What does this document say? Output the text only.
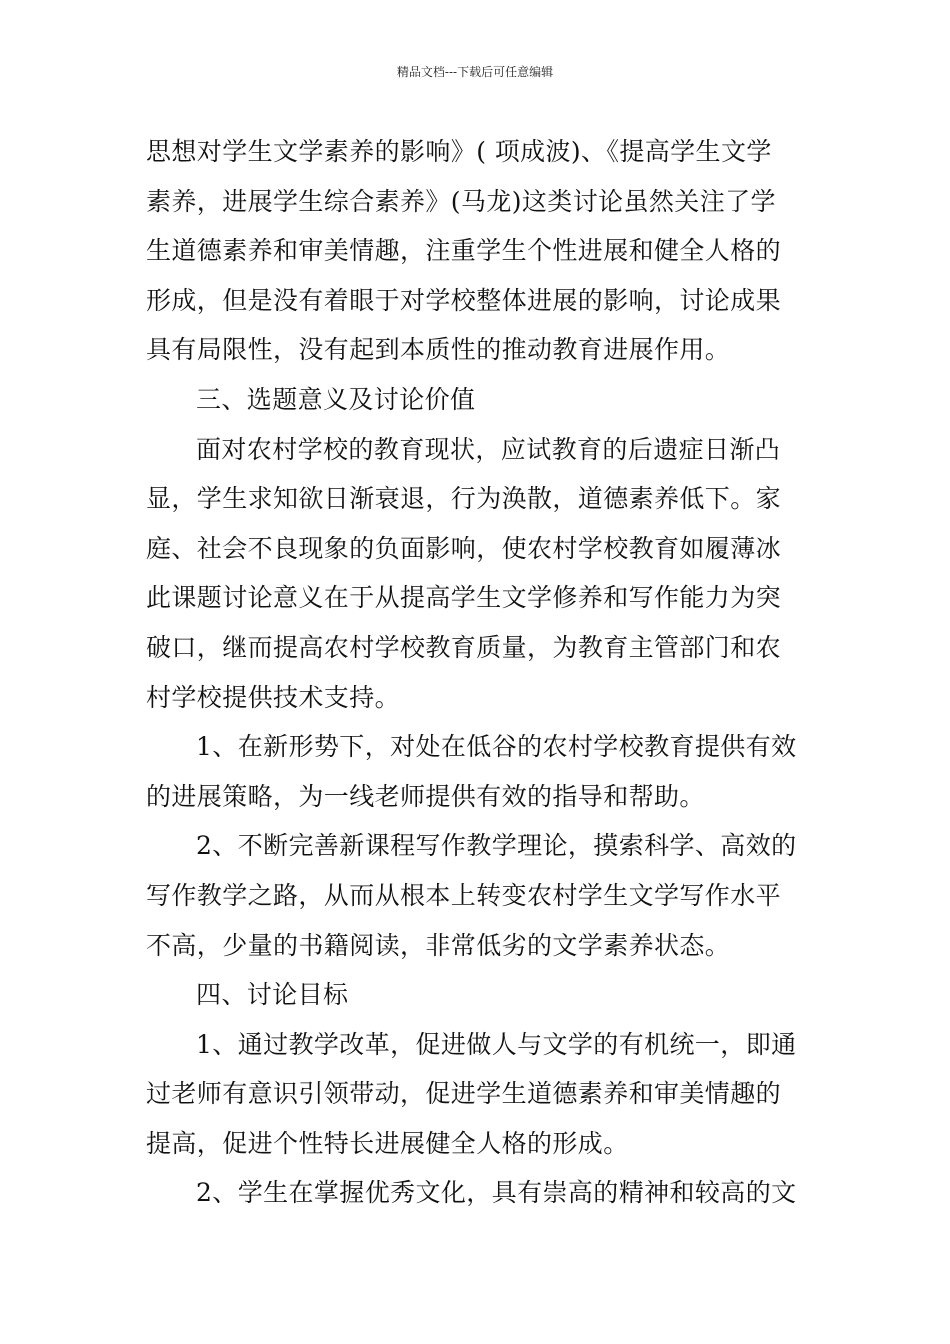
精品文档---下载后可任意编辑
思想对学生文学素养的影响》( 项成波)、《提高学生文学
素养，进展学生综合素养》(马龙)这类讨论虽然关注了学
生道德素养和审美情趣，注重学生个性进展和健全人格的
形成，但是没有着眼于对学校整体进展的影响，讨论成果
具有局限性，没有起到本质性的推动教育进展作用。
三、选题意义及讨论价值
面对农村学校的教育现状，应试教育的后遗症日渐凸
显，学生求知欲日渐衰退，行为涣散，道德素养低下。家
庭、社会不良现象的负面影响，使农村学校教育如履薄冰
此课题讨论意义在于从提高学生文学修养和写作能力为突
破口，继而提高农村学校教育质量，为教育主管部门和农
村学校提供技术支持。
1、在新形势下，对处在低谷的农村学校教育提供有效
的进展策略，为一线老师提供有效的指导和帮助。
2、不断完善新课程写作教学理论，摸索科学、高效的
写作教学之路，从而从根本上转变农村学生文学写作水平
不高，少量的书籍阅读，非常低劣的文学素养状态。
四、讨论目标
1、通过教学改革，促进做人与文学的有机统一，即通
过老师有意识引领带动，促进学生道德素养和审美情趣的
提高，促进个性特长进展健全人格的形成。
2、学生在掌握优秀文化，具有崇高的精神和较高的文
